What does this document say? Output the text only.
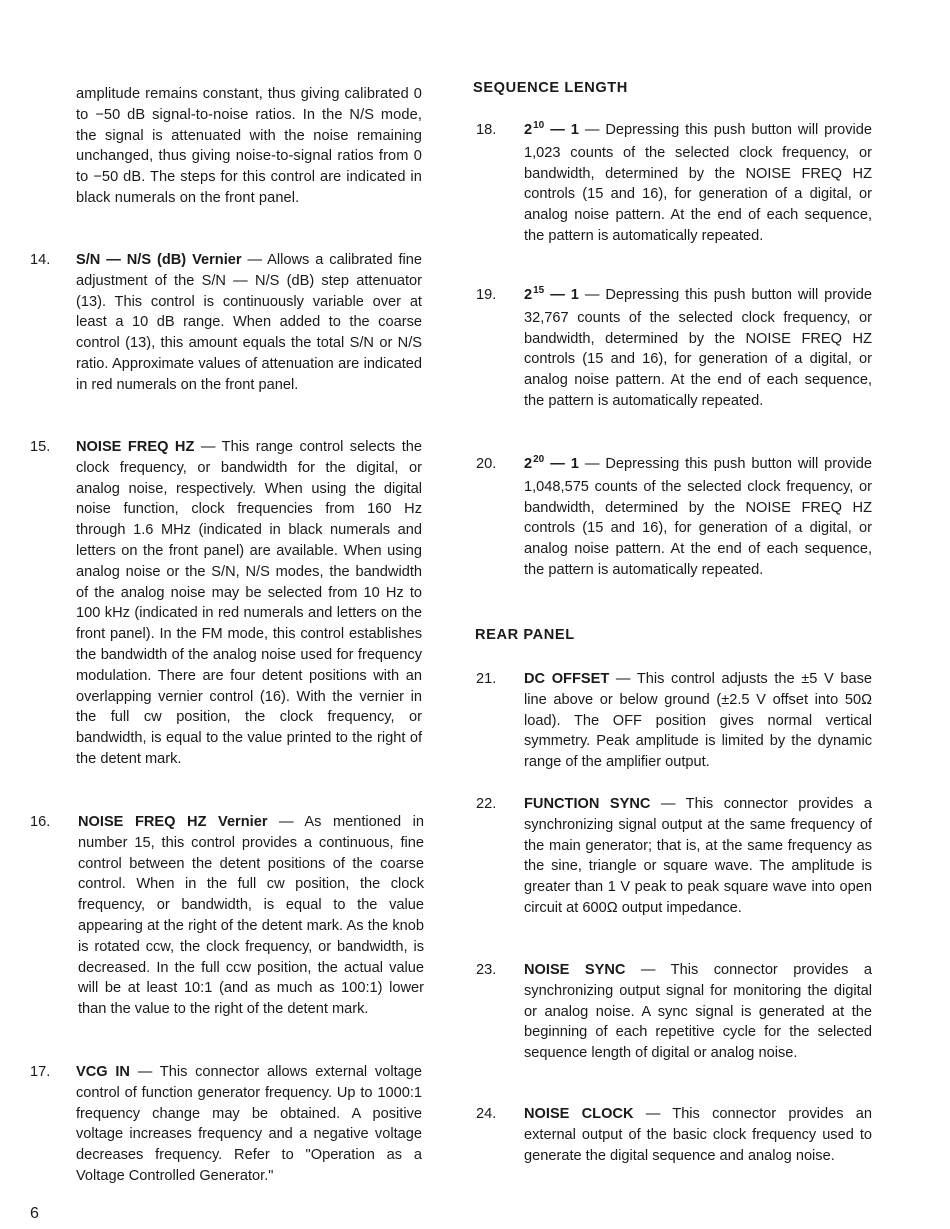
amplitude remains constant, thus giving calibrated 0 to −50 dB signal-to-noise ratios. In the N/S mode, the signal is attenuated with the noise remaining unchanged, thus giving noise-to-signal ratios from 0 to −50 dB. The steps for this control are indicated in black numerals on the front panel.
14. S/N — N/S (dB) Vernier — Allows a calibrated fine adjustment of the S/N — N/S (dB) step attenuator (13). This control is continuously variable over at least a 10 dB range. When added to the coarse control (13), this amount equals the total S/N or N/S ratio. Approximate values of attenuation are indicated in red numerals on the front panel.
15. NOISE FREQ HZ — This range control selects the clock frequency, or bandwidth for the digital, or analog noise, respectively. When using the digital noise function, clock frequencies from 160 Hz through 1.6 MHz (indicated in black numerals and letters on the front panel) are available. When using analog noise or the S/N, N/S modes, the bandwidth of the analog noise may be selected from 10 Hz to 100 kHz (indicated in red numerals and letters on the front panel). In the FM mode, this control establishes the bandwidth of the analog noise used for frequency modulation. There are four detent positions with an overlapping vernier control (16). With the vernier in the full cw position, the clock frequency, or bandwidth, is equal to the value printed to the right of the detent mark.
16. NOISE FREQ HZ Vernier — As mentioned in number 15, this control provides a continuous, fine control between the detent positions of the coarse control. When in the full cw position, the clock frequency, or bandwidth, is equal to the value appearing at the right of the detent mark. As the knob is rotated ccw, the clock frequency, or bandwidth, is decreased. In the full ccw position, the actual value will be at least 10:1 (and as much as 100:1) lower than the value to the right of the detent mark.
17. VCG IN — This connector allows external voltage control of function generator frequency. Up to 1000:1 frequency change may be obtained. A positive voltage increases frequency and a negative voltage decreases frequency. Refer to "Operation as a Voltage Controlled Generator."
SEQUENCE LENGTH
18. $2^{10}$ — 1 — Depressing this push button will provide 1,023 counts of the selected clock frequency, or bandwidth, determined by the NOISE FREQ HZ controls (15 and 16), for generation of a digital, or analog noise pattern. At the end of each sequence, the pattern is automatically repeated.
19. $2^{15}$ — 1 — Depressing this push button will provide 32,767 counts of the selected clock frequency, or bandwidth, determined by the NOISE FREQ HZ controls (15 and 16), for generation of a digital, or analog noise pattern. At the end of each sequence, the pattern is automatically repeated.
20. $2^{20}$ — 1 — Depressing this push button will provide 1,048,575 counts of the selected clock frequency, or bandwidth, determined by the NOISE FREQ HZ controls (15 and 16), for generation of a digital, or analog noise pattern. At the end of each sequence, the pattern is automatically repeated.
REAR PANEL
21. DC OFFSET — This control adjusts the ±5 V base line above or below ground (±2.5 V offset into 50Ω load). The OFF position gives normal vertical symmetry. Peak amplitude is limited by the dynamic range of the amplifier output.
22. FUNCTION SYNC — This connector provides a synchronizing signal output at the same frequency of the main generator; that is, at the same frequency as the sine, triangle or square wave. The amplitude is greater than 1 V peak to peak square wave into open circuit at 600Ω output impedance.
23. NOISE SYNC — This connector provides a synchronizing output signal for monitoring the digital or analog noise. A sync signal is generated at the beginning of each repetitive cycle for the selected sequence length of digital or analog noise.
24. NOISE CLOCK — This connector provides an external output of the basic clock frequency used to generate the digital sequence and analog noise.
6
